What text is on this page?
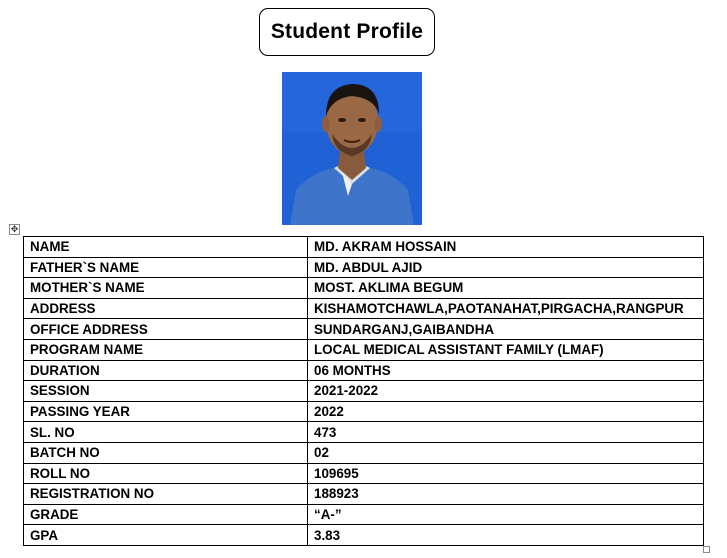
Student Profile
✥
NAME	MD. AKRAM HOSSAIN
FATHER`S NAME	MD. ABDUL AJID
MOTHER`S NAME	MOST. AKLIMA BEGUM
ADDRESS	KISHAMOTCHAWLA,PAOTANAHAT,PIRGACHA,RANGPUR
OFFICE ADDRESS	SUNDARGANJ,GAIBANDHA
PROGRAM NAME	LOCAL MEDICAL ASSISTANT FAMILY (LMAF)
DURATION	06 MONTHS
SESSION	2021-2022
PASSING YEAR	2022
SL. NO	473
BATCH NO	02
ROLL NO	109695
REGISTRATION NO	188923
GRADE	“A-”
GPA	3.83
